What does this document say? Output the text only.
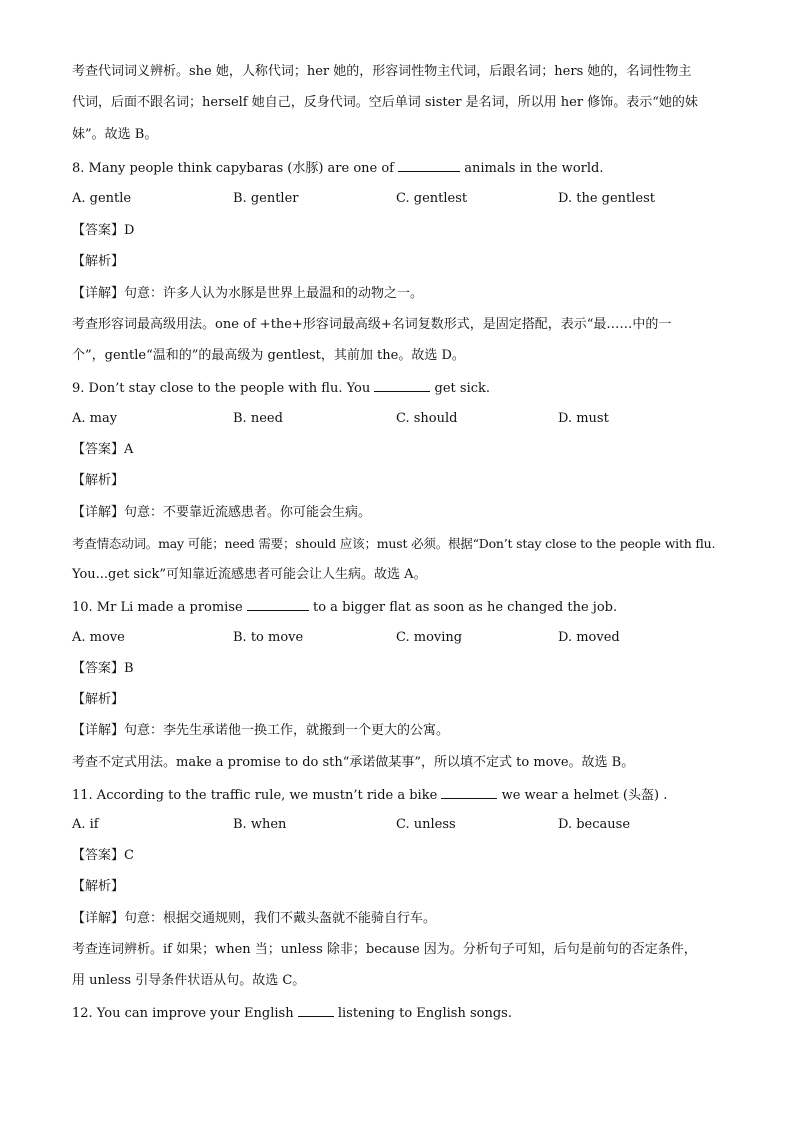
考查代词词义辨析。she 她，人称代词；her 她的，形容词性物主代词，后跟名词；hers 她的，名词性物主
代词，后面不跟名词；herself 她自己，反身代词。空后单词 sister 是名词，所以用 her 修饰。表示“她的妹
妹”。故选 B。
8. Many people think capybaras (水豚) are one of	animals in the world.
A. gentle	B. gentler	C. gentlest	D. the gentlest
【答案】D
【解析】
【详解】句意：许多人认为水豚是世界上最温和的动物之一。
考查形容词最高级用法。one of +the+形容词最高级+名词复数形式，是固定搭配，表示“最……中的一
个”，gentle“温和的”的最高级为 gentlest，其前加 the。故选 D。
9. Don’t stay close to the people with flu. You	get sick.
A. may	B. need	C. should	D. must
【答案】A
【解析】
【详解】句意：不要靠近流感患者。你可能会生病。
考查情态动词。may 可能；need 需要；should 应该；must 必须。根据“Don’t stay close to the people with flu.
You...get sick”可知靠近流感患者可能会让人生病。故选 A。
10. Mr Li made a promise	to a bigger flat as soon as he changed the job.
A. move	B. to move	C. moving	D. moved
【答案】B
【解析】
【详解】句意：李先生承诺他一换工作，就搬到一个更大的公寓。
考查不定式用法。make a promise to do sth“承诺做某事”，所以填不定式 to move。故选 B。
11. According to the traffic rule, we mustn’t ride a bike	we wear a helmet (头盔) .
A. if	B. when	C. unless	D. because
【答案】C
【解析】
【详解】句意：根据交通规则，我们不戴头盔就不能骑自行车。
考查连词辨析。if 如果；when 当；unless 除非；because 因为。分析句子可知，后句是前句的否定条件，
用 unless 引导条件状语从句。故选 C。
12. You can improve your English	listening to English songs.
